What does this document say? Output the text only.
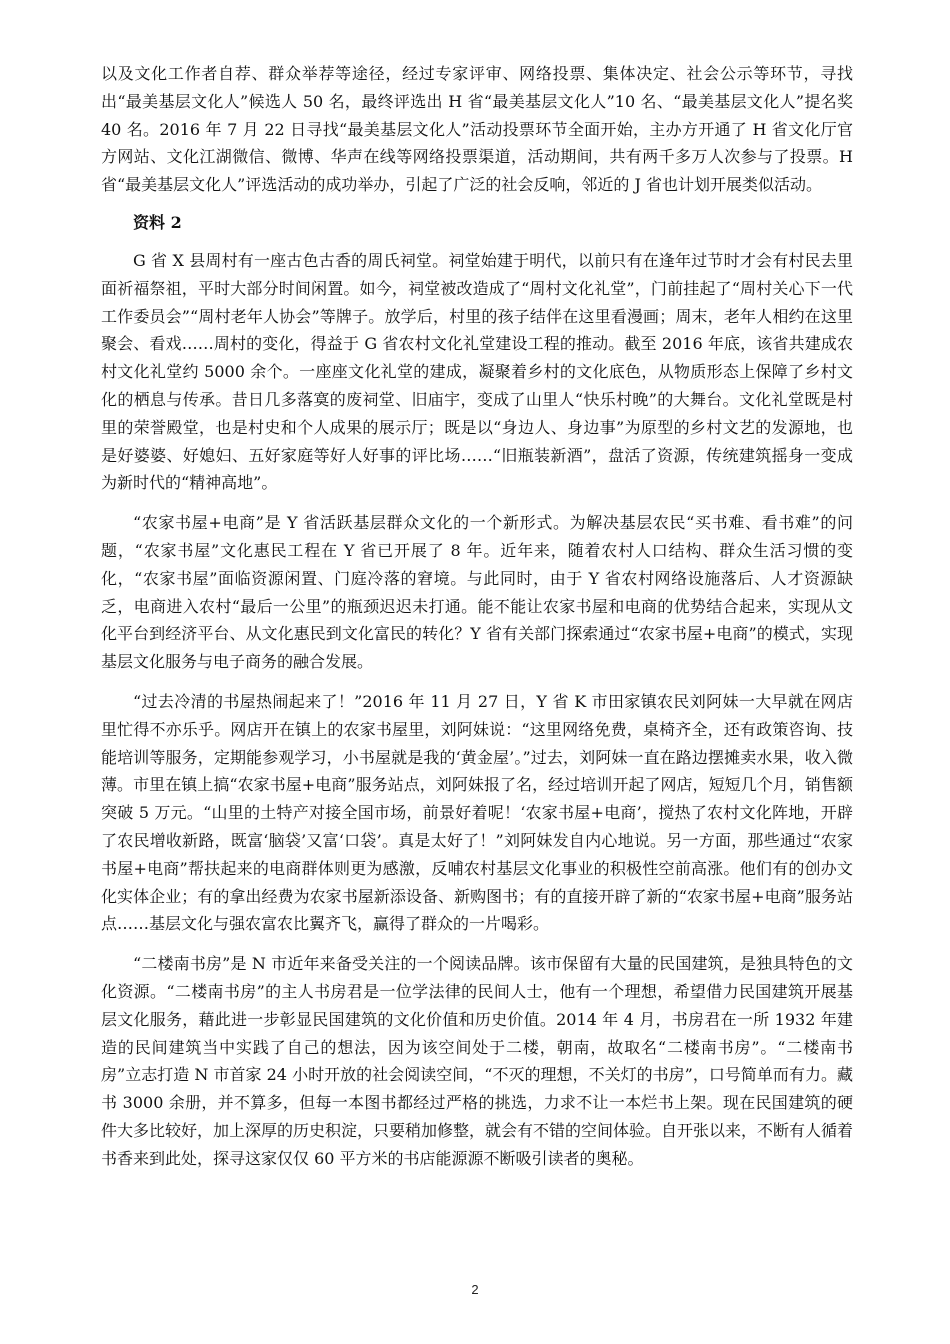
以及文化工作者自荐、群众举荐等途径，经过专家评审、网络投票、集体决定、社会公示等环节，寻找出“最美基层文化人”候选人 50 名，最终评选出 H 省“最美基层文化人”10 名、“最美基层文化人”提名奖 40 名。2016 年 7 月 22 日寻找“最美基层文化人”活动投票环节全面开始，主办方开通了 H 省文化厅官方网站、文化江湖微信、微博、华声在线等网络投票渠道，活动期间，共有两千多万人次参与了投票。H 省“最美基层文化人”评选活动的成功举办，引起了广泛的社会反响，邻近的 J 省也计划开展类似活动。

资料 2

G 省 X 县周村有一座古色古香的周氏祠堂。祠堂始建于明代，以前只有在逢年过节时才会有村民去里面祈福祭祖，平时大部分时间闲置。如今，祠堂被改造成了“周村文化礼堂”，门前挂起了“周村关心下一代工作委员会”“周村老年人协会”等牌子。放学后，村里的孩子结伴在这里看漫画；周末，老年人相约在这里聚会、看戏……周村的变化，得益于 G 省农村文化礼堂建设工程的推动。截至 2016 年底，该省共建成农村文化礼堂约 5000 余个。一座座文化礼堂的建成，凝聚着乡村的文化底色，从物质形态上保障了乡村文化的栖息与传承。昔日几多落寞的废祠堂、旧庙宇，变成了山里人“快乐村晚”的大舞台。文化礼堂既是村里的荣誉殿堂，也是村史和个人成果的展示厅；既是以“身边人、身边事”为原型的乡村文艺的发源地，也是好婆婆、好媳妇、五好家庭等好人好事的评比场……“旧瓶装新酒”，盘活了资源，传统建筑摇身一变成为新时代的“精神高地”。

“农家书屋+电商”是 Y 省活跃基层群众文化的一个新形式。为解决基层农民“买书难、看书难”的问题，“农家书屋”文化惠民工程在 Y 省已开展了 8 年。近年来，随着农村人口结构、群众生活习惯的变化，“农家书屋”面临资源闲置、门庭冷落的窘境。与此同时，由于 Y 省农村网络设施落后、人才资源缺乏，电商进入农村“最后一公里”的瓶颈迟迟未打通。能不能让农家书屋和电商的优势结合起来，实现从文化平台到经济平台、从文化惠民到文化富民的转化？Y 省有关部门探索通过“农家书屋+电商”的模式，实现基层文化服务与电子商务的融合发展。

“过去冷清的书屋热闹起来了！”2016 年 11 月 27 日，Y 省 K 市田家镇农民刘阿妹一大早就在网店里忙得不亦乐乎。网店开在镇上的农家书屋里，刘阿妹说：“这里网络免费，桌椅齐全，还有政策咨询、技能培训等服务，定期能参观学习，小书屋就是我的‘黄金屋’。”过去，刘阿妹一直在路边摆摊卖水果，收入微薄。市里在镇上搞“农家书屋+电商”服务站点，刘阿妹报了名，经过培训开起了网店，短短几个月，销售额突破 5 万元。“山里的土特产对接全国市场，前景好着呢！‘农家书屋+电商’，搅热了农村文化阵地，开辟了农民增收新路，既富‘脑袋’又富‘口袋’。真是太好了！”刘阿妹发自内心地说。另一方面，那些通过“农家书屋+电商”帮扶起来的电商群体则更为感激，反哺农村基层文化事业的积极性空前高涨。他们有的创办文化实体企业；有的拿出经费为农家书屋新添设备、新购图书；有的直接开辟了新的“农家书屋+电商”服务站点……基层文化与强农富农比翼齐飞，赢得了群众的一片喝彩。

“二楼南书房”是 N 市近年来备受关注的一个阅读品牌。该市保留有大量的民国建筑，是独具特色的文化资源。“二楼南书房”的主人书房君是一位学法律的民间人士，他有一个理想，希望借力民国建筑开展基层文化服务，藉此进一步彰显民国建筑的文化价值和历史价值。2014 年 4 月，书房君在一所 1932 年建造的民间建筑当中实践了自己的想法，因为该空间处于二楼，朝南，故取名“二楼南书房”。“二楼南书房”立志打造 N 市首家 24 小时开放的社会阅读空间，“不灭的理想，不关灯的书房”，口号简单而有力。藏书 3000 余册，并不算多，但每一本图书都经过严格的挑选，力求不让一本烂书上架。现在民国建筑的硬件大多比较好，加上深厚的历史积淀，只要稍加修整，就会有不错的空间体验。自开张以来，不断有人循着书香来到此处，探寻这家仅仅 60 平方米的书店能源源不断吸引读者的奥秘。

2
